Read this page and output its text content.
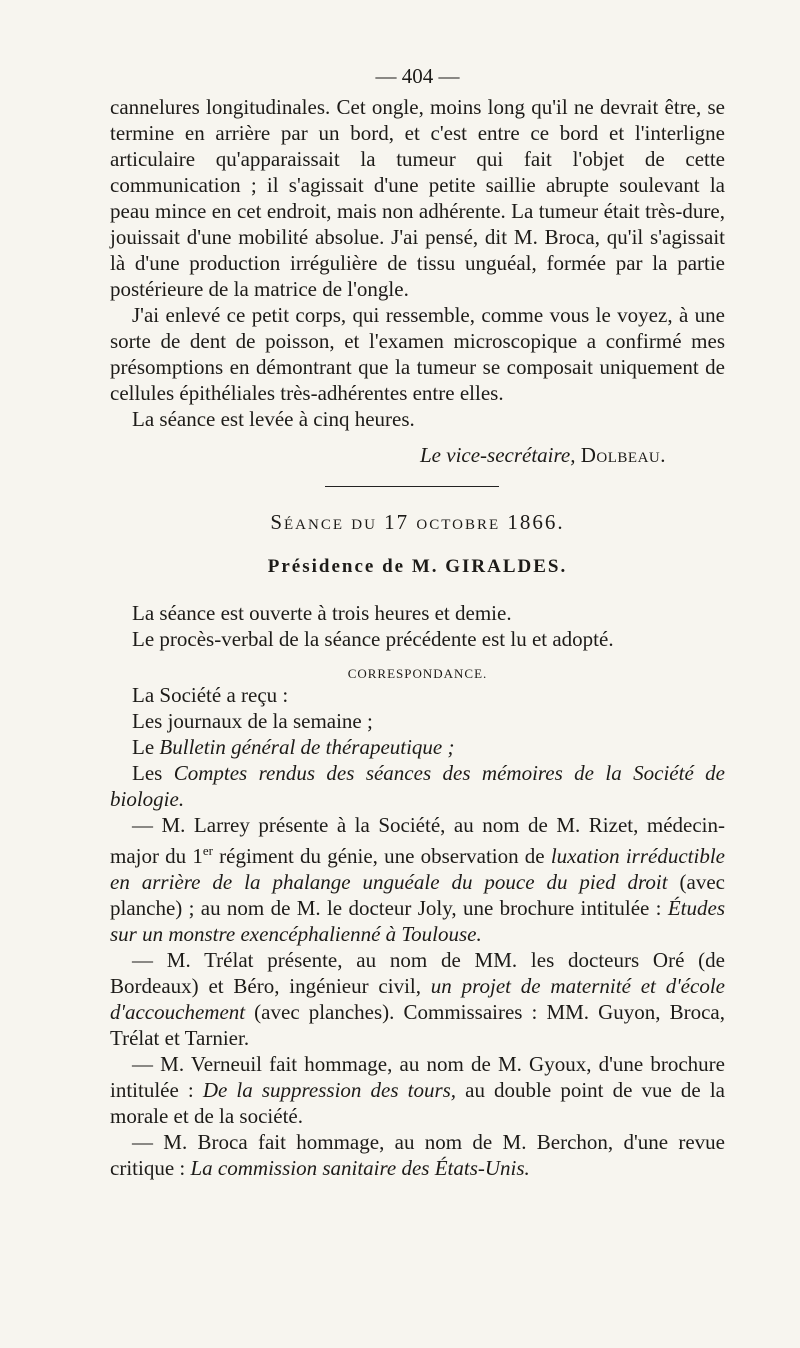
— 404 —

cannelures longitudinales. Cet ongle, moins long qu'il ne devrait être, se termine en arrière par un bord, et c'est entre ce bord et l'interligne articulaire qu'apparaissait la tumeur qui fait l'objet de cette communication ; il s'agissait d'une petite saillie abrupte soulevant la peau mince en cet endroit, mais non adhérente. La tumeur était très-dure, jouissait d'une mobilité absolue. J'ai pensé, dit M. Broca, qu'il s'agissait là d'une production irrégulière de tissu unguéal, formée par la partie postérieure de la matrice de l'ongle.

J'ai enlevé ce petit corps, qui ressemble, comme vous le voyez, à une sorte de dent de poisson, et l'examen microscopique a confirmé mes présomptions en démontrant que la tumeur se composait uniquement de cellules épithéliales très-adhérentes entre elles.

La séance est levée à cinq heures.

Le vice-secrétaire, Dolbeau.
Séance du 17 octobre 1866.
Présidence de M. GIRALDES.

La séance est ouverte à trois heures et demie.

Le procès-verbal de la séance précédente est lu et adopté.

CORRESPONDANCE.

La Société a reçu :

Les journaux de la semaine ;

Le Bulletin général de thérapeutique ;

Les Comptes rendus des séances des mémoires de la Société de biologie.

— M. Larrey présente à la Société, au nom de M. Rizet, médecin-major du 1er régiment du génie, une observation de luxation irréductible en arrière de la phalange unguéale du pouce du pied droit (avec planche) ; au nom de M. le docteur Joly, une brochure intitulée : Études sur un monstre exencéphalienné à Toulouse.

— M. Trélat présente, au nom de MM. les docteurs Oré (de Bordeaux) et Béro, ingénieur civil, un projet de maternité et d'école d'accouchement (avec planches). Commissaires : MM. Guyon, Broca, Trélat et Tarnier.

— M. Verneuil fait hommage, au nom de M. Gyoux, d'une brochure intitulée : De la suppression des tours, au double point de vue de la morale et de la société.

— M. Broca fait hommage, au nom de M. Berchon, d'une revue critique : La commission sanitaire des États-Unis.
